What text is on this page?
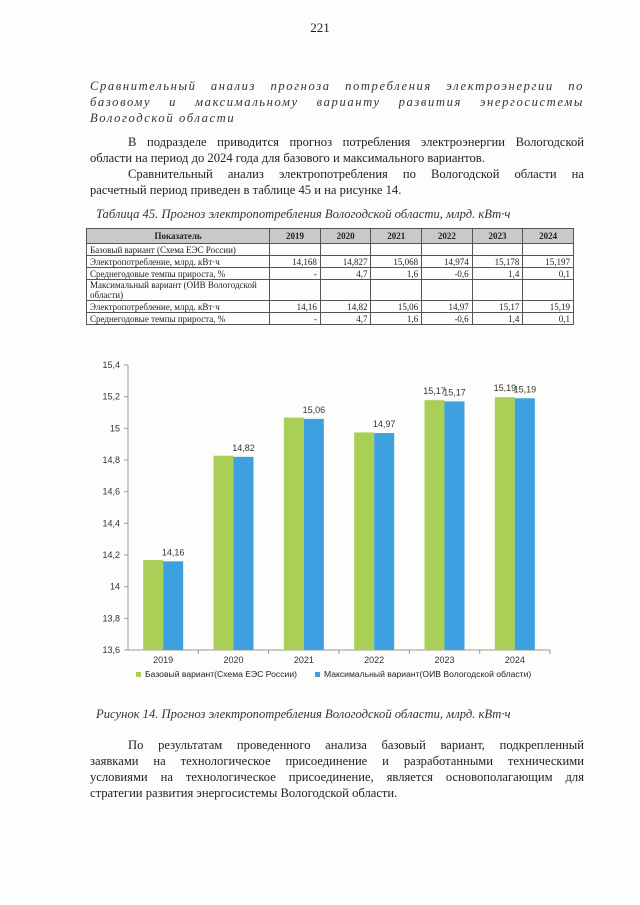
221
Сравнительный анализ прогноза потребления электроэнергии по
базовому и максимальному варианту развития энергосистемы
Вологодской области
В подразделе приводится прогноз потребления электроэнергии Вологодской
области на период до 2024 года для базового и максимального вариантов.
Сравнительный анализ электропотребления по Вологодской области на
расчетный период приведен в таблице 45 и на рисунке 14.
Таблица 45. Прогноз электропотребления Вологодской области, млрд. кВт·ч
Показатель	2019	2020	2021	2022	2023	2024
Базовый вариант (Схема ЕЭС России)						
Электропотребление, млрд. кВт·ч	14,168	14,827	15,068	14,974	15,178	15,197
Среднегодовые темпы прироста, %	-	4,7	1,6	-0,6	1,4	0,1
Максимальный вариант (ОИВ Вологодской области)						
Электропотребление, млрд. кВт·ч	14,16	14,82	15,06	14,97	15,17	15,19
Среднегодовые темпы прироста, %	-	4,7	1,6	-0,6	1,4	0,1
13,6
13,8
14
14,2
14,4
14,6
14,8
15
15,2
15,4
14,16
2019
14,82
2020
15,06
2021
14,97
2022
15,17
15,17
2023
15,19
15,19
2024
Базовый вариант(Схема ЕЭС России)	Максимальный вариант(ОИВ Вологодской области)
Рисунок 14. Прогноз электропотребления Вологодской области, млрд. кВт·ч
По результатам проведенного анализа базовый вариант, подкрепленный
заявками на технологическое присоединение и разработанными техническими
условиями на технологическое присоединение, является основополагающим для
стратегии развития энергосистемы Вологодской области.
